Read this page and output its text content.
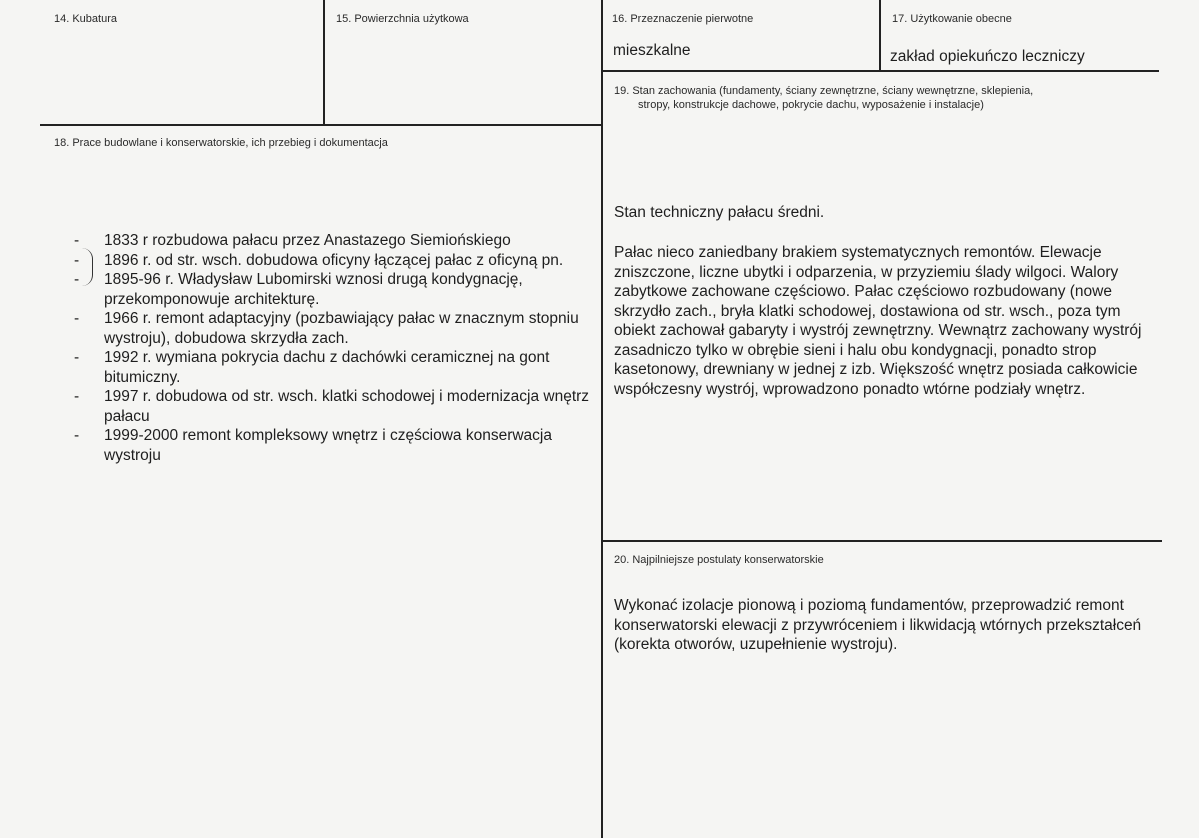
14. Kubatura	15. Powierzchnia użytkowa	16. Przeznaczenie pierwotne
mieszkalne
17. Użytkowanie obecne
zakład opiekuńczo leczniczy
18. Prace budowlane i konserwatorskie, ich przebieg i dokumentacja
- 1833 r rozbudowa pałacu przez Anastazego Siemiońskiego
- 1896 r. od str. wsch. dobudowa oficyny łączącej pałac z oficyną pn.
- 1895-96 r. Władysław Lubomirski wznosi drugą kondygnację, przekomponowuje architekturę.
- 1966 r. remont adaptacyjny (pozbawiający pałac w znacznym stopniu wystroju), dobudowa skrzydła zach.
- 1992 r. wymiana pokrycia dachu z dachówki ceramicznej na gont bitumiczny.
- 1997 r. dobudowa od str. wsch. klatki schodowej i modernizacja wnętrz pałacu
- 1999-2000 remont kompleksowy wnętrz i częściowa konserwacja wystroju
19. Stan zachowania (fundamenty, ściany zewnętrzne, ściany wewnętrzne, sklepienia,
stropy, konstrukcje dachowe, pokrycie dachu, wyposażenie i instalacje)

Stan techniczny pałacu średni.

Pałac nieco zaniedbany brakiem systematycznych remontów. Elewacje zniszczone, liczne ubytki i odparzenia, w przyziemiu ślady wilgoci. Walory zabytkowe zachowane częściowo. Pałac częściowo rozbudowany (nowe skrzydło zach., bryła klatki schodowej, dostawiona od str. wsch., poza tym obiekt zachował gabaryty i wystrój zewnętrzny. Wewnątrz zachowany wystrój zasadniczo tylko w obrębie sieni i halu obu kondygnacji, ponadto strop kasetonowy, drewniany w jednej z izb. Większość wnętrz posiada całkowicie współczesny wystrój, wprowadzono ponadto wtórne podziały wnętrz.

20. Najpilniejsze postulaty konserwatorskie

Wykonać izolacje pionową i poziomą fundamentów, przeprowadzić remont konserwatorski elewacji z przywróceniem i likwidacją wtórnych przekształceń (korekta otworów, uzupełnienie wystroju).
